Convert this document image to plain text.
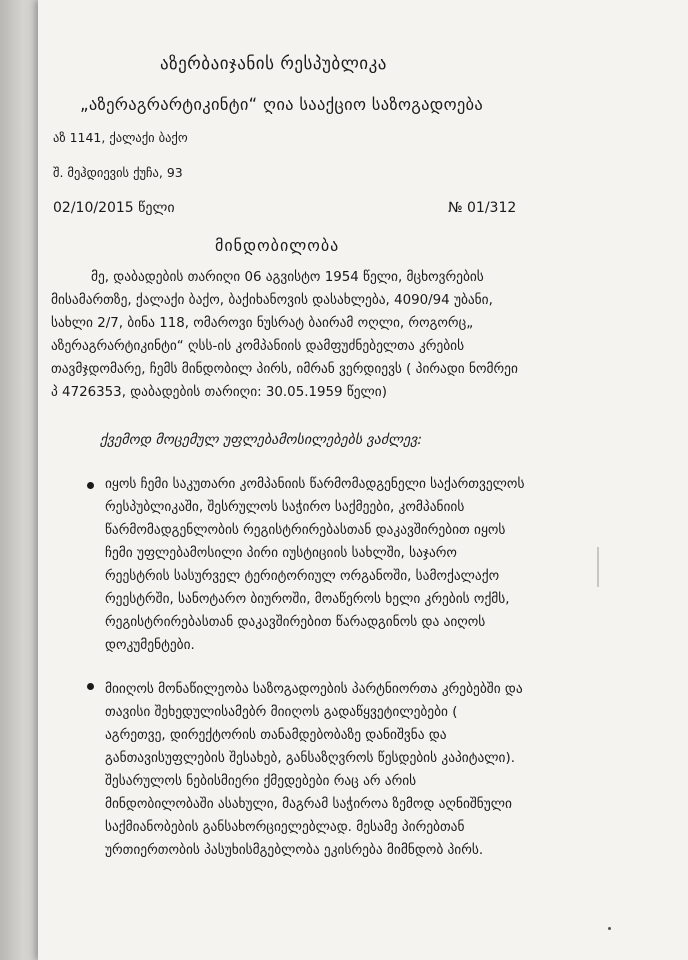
აზერბაიჯანის რესპუბლიკა
„აზერაგრარტიკინტი“ ღია სააქციო საზოგადოება
აზ 1141, ქალაქი ბაქო
შ. მეჰდიევის ქუჩა, 93
02/10/2015 წელი	№ 01/312
მინდობილობა
მე, დაბადების თარიღი 06 აგვისტო 1954 წელი, მცხოვრების
მისამართზე, ქალაქი ბაქო, ბაქიხანოვის დასახლება, 4090/94 უბანი,
სახლი 2/7, ბინა 118, ომაროვი ნუსრატ ბაირამ ოღლი, როგორც„
აზერაგრარტიკინტი“ ღსს-ის კომპანიის დამფუძნებელთა კრების
თავმჯდომარე, ჩემს მინდობილ პირს, იმრან ვერდიევს ( პირადი ნომრეი
პ 4726353, დაბადების თარიღი: 30.05.1959 წელი)
ქვემოდ მოცემულ უფლებამოსილებებს ვაძლევ:
იყოს ჩემი საკუთარი კომპანიის წარმომადგენელი საქართველოს
რესპუბლიკაში, შესრულოს საჭირო საქმეები, კომპანიის
წარმომადგენლობის რეგისტრირებასთან დაკავშირებით იყოს
ჩემი უფლებამოსილი პირი იუსტიციის სახლში, საჯარო
რეესტრის სასურველ ტერიტორიულ ორგანოში, სამოქალაქო
რეესტრში, სანოტარო ბიუროში, მოაწეროს ხელი კრების ოქმს,
რეგისტრირებასთან დაკავშირებით წარადგინოს და აიღოს
დოკუმენტები.
მიიღოს მონაწილეობა საზოგადოების პარტნიორთა კრებებში და
თავისი შეხედულისამებრ მიიღოს გადაწყვეტილებები (
აგრეთვე, დირექტორის თანამდებობაზე დანიშვნა და
განთავისუფლების შესახებ, განსაზღვროს წესდების კაპიტალი).
შესარულოს ნებისმიერი ქმედებები რაც არ არის
მინდობილობაში ასახული, მაგრამ საჭიროა ზემოდ აღნიშნული
საქმიანობების განსახორციელებლად. მესამე პირებთან
ურთიერთობის პასუხისმგებლობა ეკისრება მიმნდობ პირს.
